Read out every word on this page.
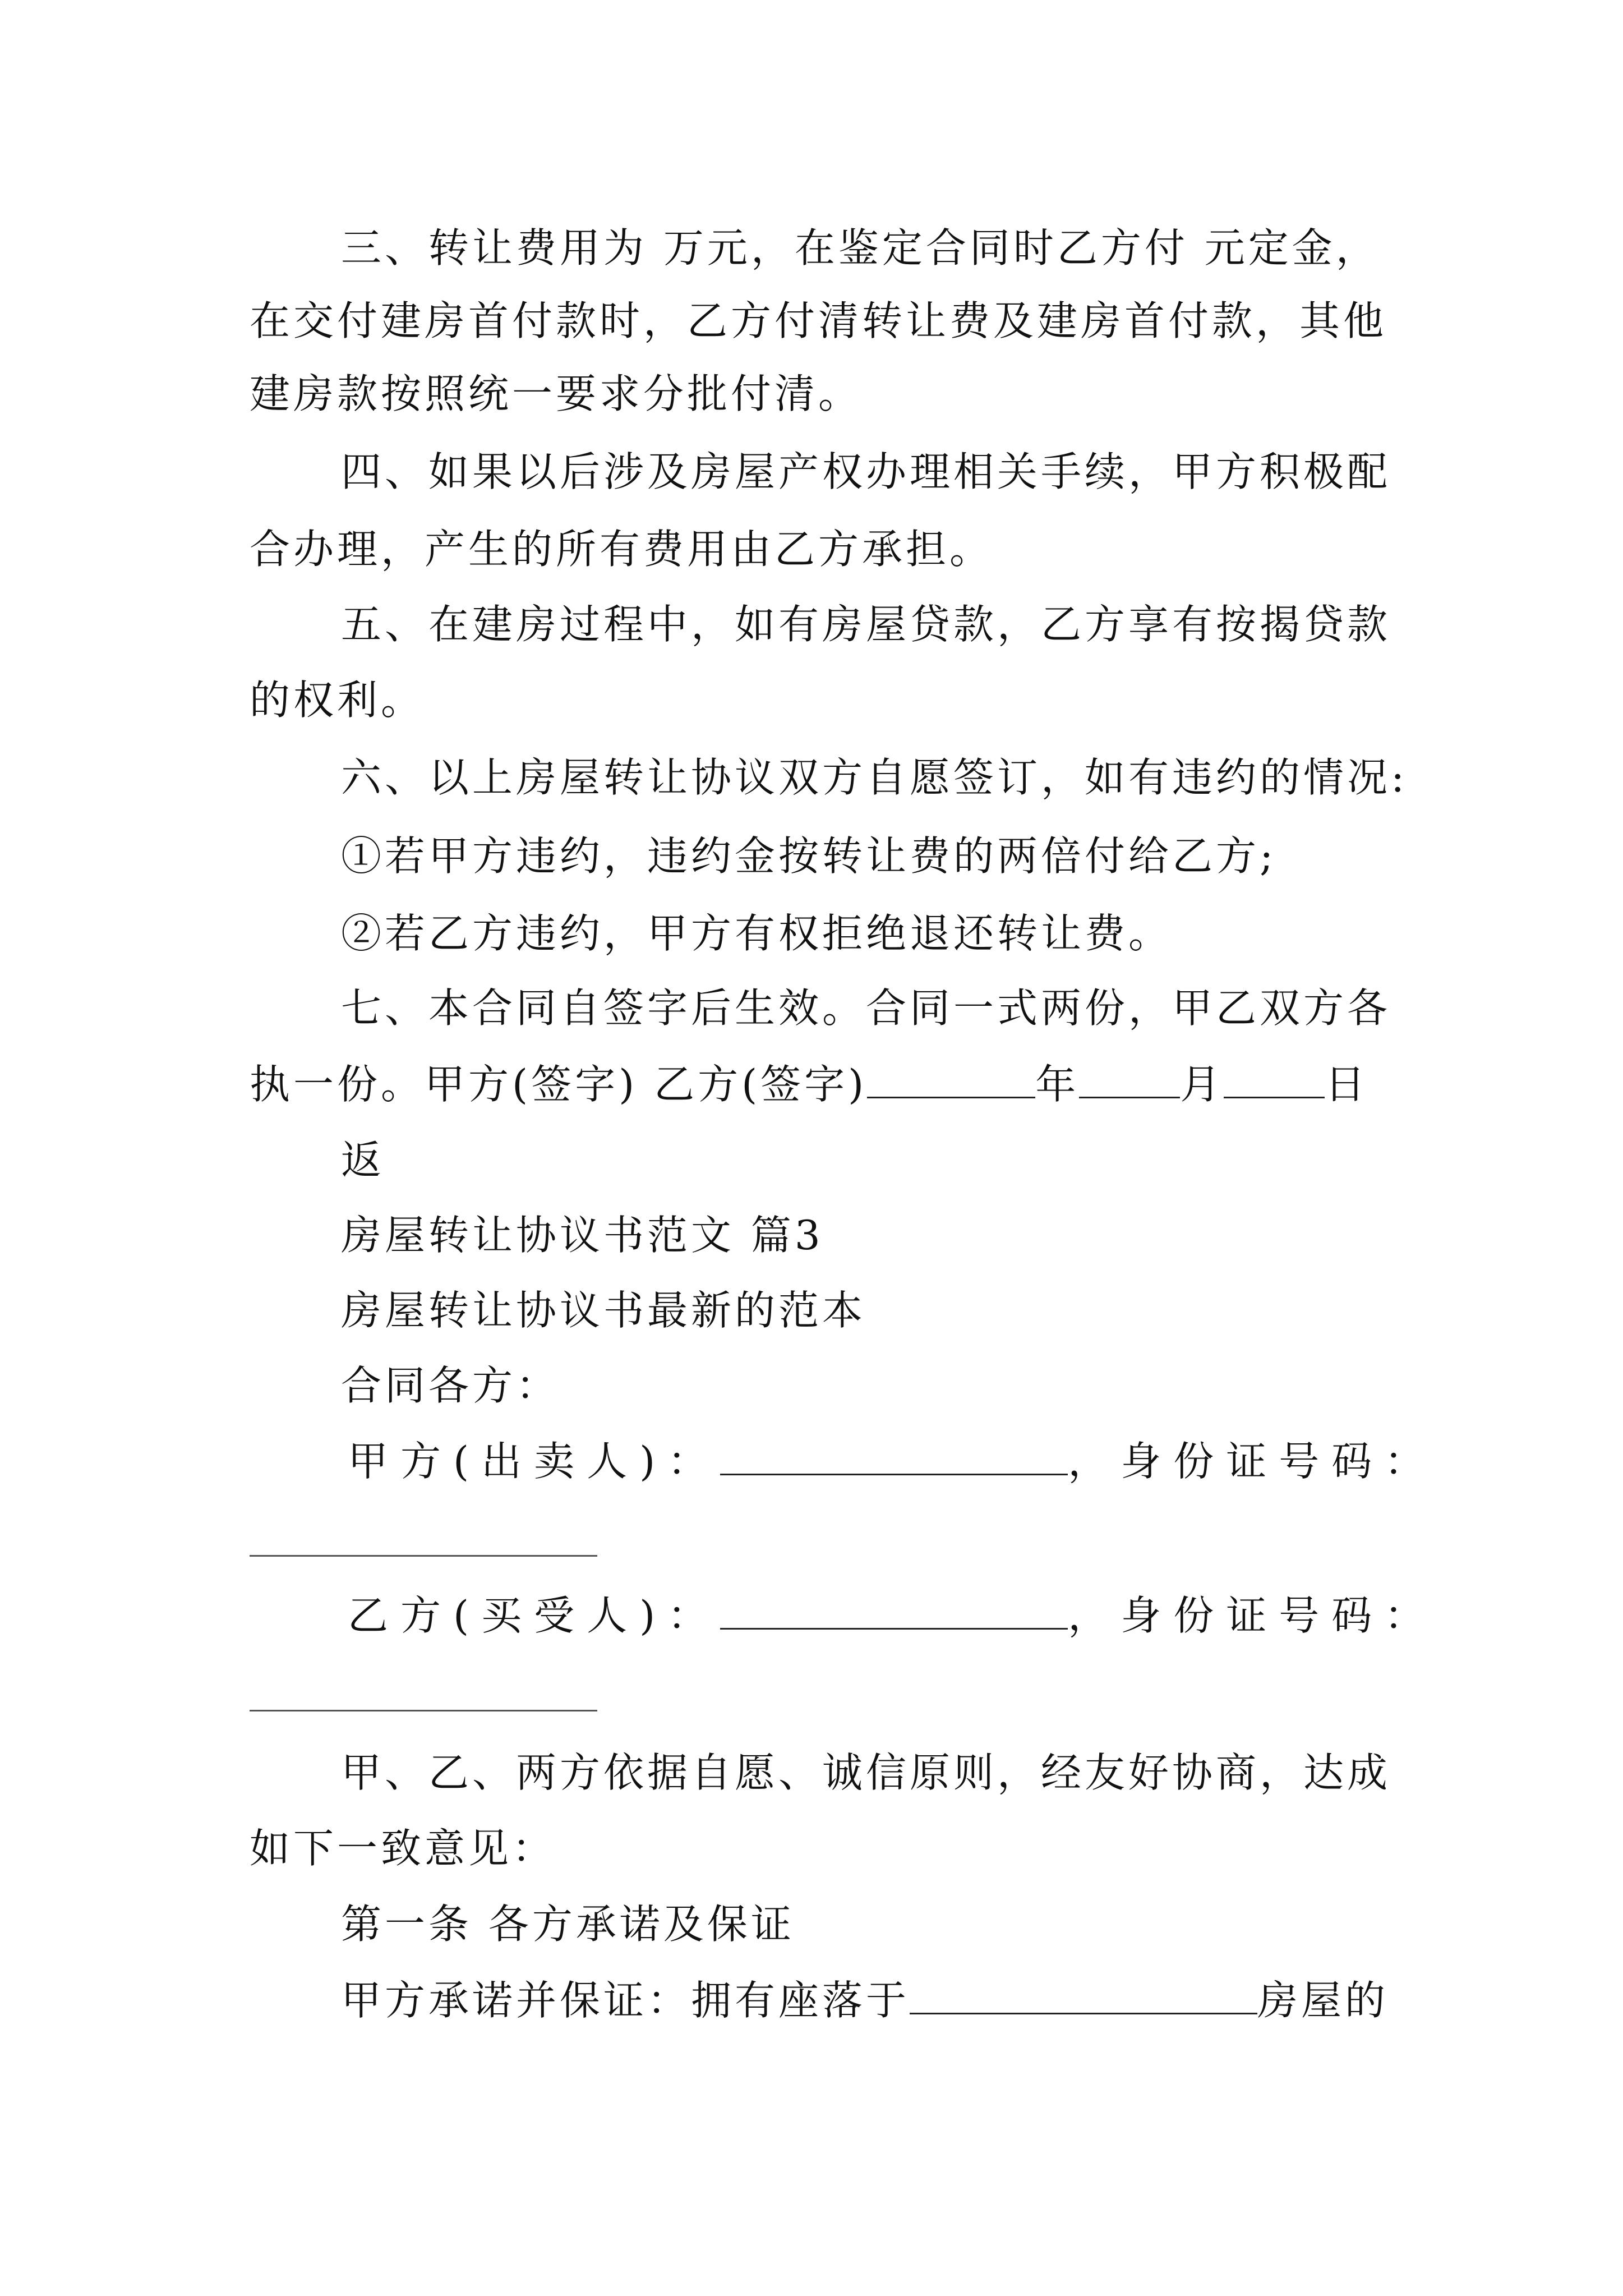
三、转让费用为 万元，在鉴定合同时乙方付 元定金，
在交付建房首付款时，乙方付清转让费及建房首付款，其他
建房款按照统一要求分批付清。
四、如果以后涉及房屋产权办理相关手续，甲方积极配
合办理，产生的所有费用由乙方承担。
五、在建房过程中，如有房屋贷款，乙方享有按揭贷款
的权利。
六、以上房屋转让协议双方自愿签订，如有违约的情况:
①若甲方违约，违约金按转让费的两倍付给乙方;
②若乙方违约，甲方有权拒绝退还转让费。
七、本合同自签字后生效。合同一式两份，甲乙双方各
执一份。甲方(签字) 乙方(签字)	年	月	日
返
房屋转让协议书范文 篇3
房屋转让协议书最新的范本
合同各方：
甲方(出卖人)：	，身份证号码：
乙方(买受人)：	，身份证号码：
甲、乙、两方依据自愿、诚信原则，经友好协商，达成
如下一致意见：
第一条 各方承诺及保证
甲方承诺并保证：拥有座落于	房屋的
